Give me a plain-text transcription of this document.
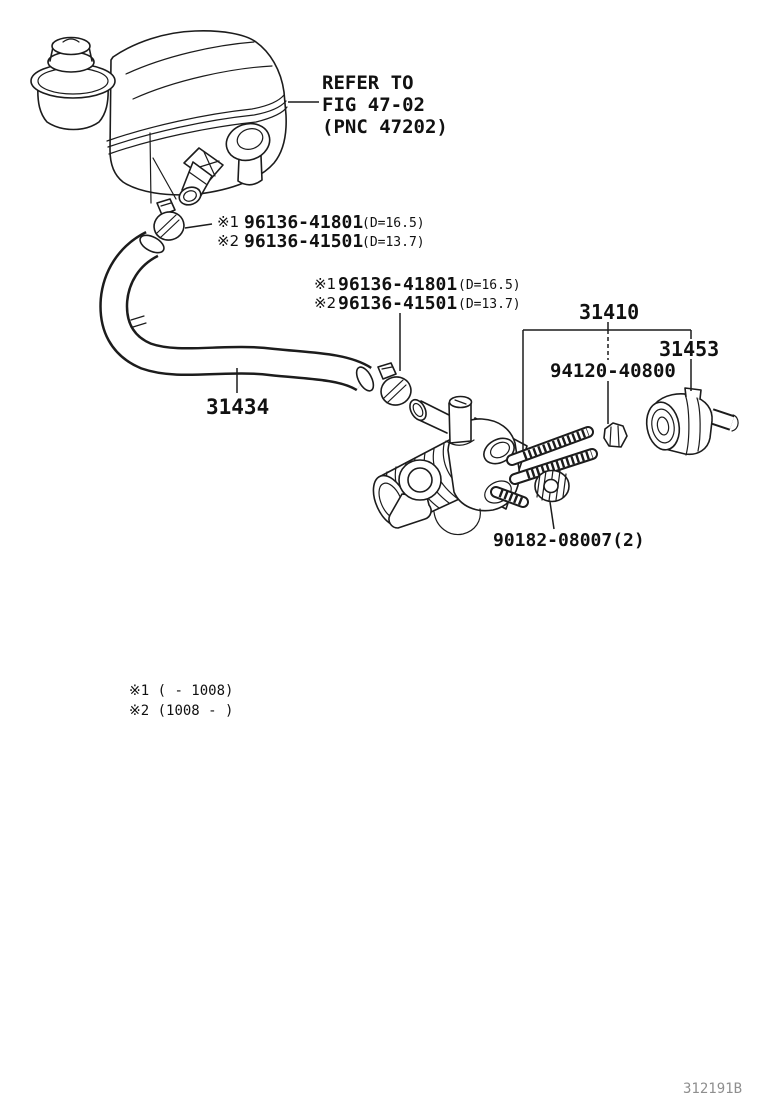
REFER TO
FIG 47-02
(PNC 47202)
※1 96136-41801
(D=16.5)
※2 96136-41501
(D=13.7)
※1 96136-41801 (D=16.5)
※2 96136-41501 (D=13.7)	31410
31453
94120-40800
31434
90182-08007(2)
※1 ( - 1008)
※2 (1008 - )
312191B
